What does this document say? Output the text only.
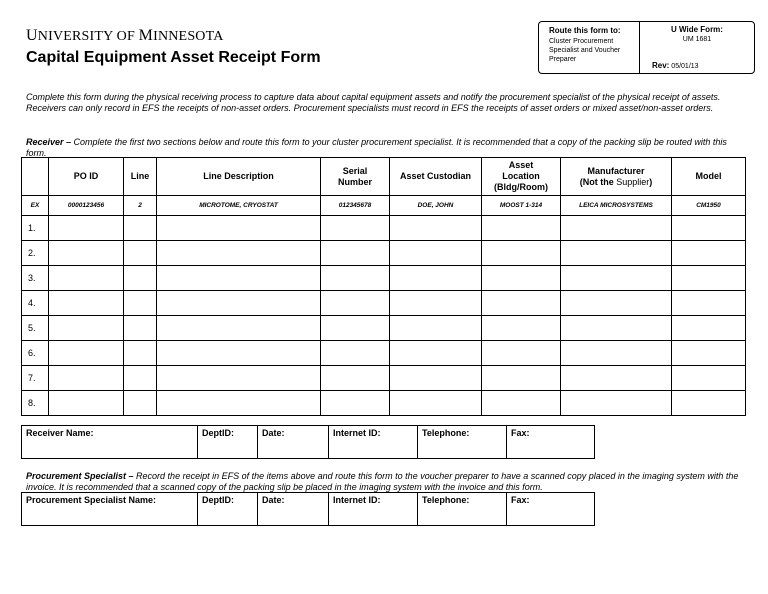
UNIVERSITY OF MINNESOTA
Capital Equipment Asset Receipt Form
Route this form to:
Cluster Procurement Specialist and Voucher Preparer
U Wide Form:
UM 1681
Rev: 05/01/13
Complete this form during the physical receiving process to capture data about capital equipment assets and notify the procurement specialist of the physical receipt of assets. Receivers can only record in EFS the receipts of non-asset orders. Procurement specialists must record in EFS the receipts of asset orders or mixed asset/non-asset orders.
Receiver – Complete the first two sections below and route this form to your cluster procurement specialist. It is recommended that a copy of the packing slip be routed with this form.
	PO ID	Line	Line Description	Serial
Number	Asset Custodian	Asset
Location
(Bldg/Room)	Manufacturer
(Not the Supplier)	Model
EX	0000123456	2	MICROTOME, CRYOSTAT	012345678	DOE, JOHN	MOOST 1-314	LEICA MICROSYSTEMS	CM1950
1.								
2.								
3.								
4.								
5.								
6.								
7.								
8.								
Receiver Name:	DeptID:	Date:	Internet ID:	Telephone:	Fax:
Procurement Specialist – Record the receipt in EFS of the items above and route this form to the voucher preparer to have a scanned copy placed in the imaging system with the invoice. It is recommended that a scanned copy of the packing slip be placed in the imaging system with the invoice and this form.
Procurement Specialist Name:	DeptID:	Date:	Internet ID:	Telephone:	Fax:
